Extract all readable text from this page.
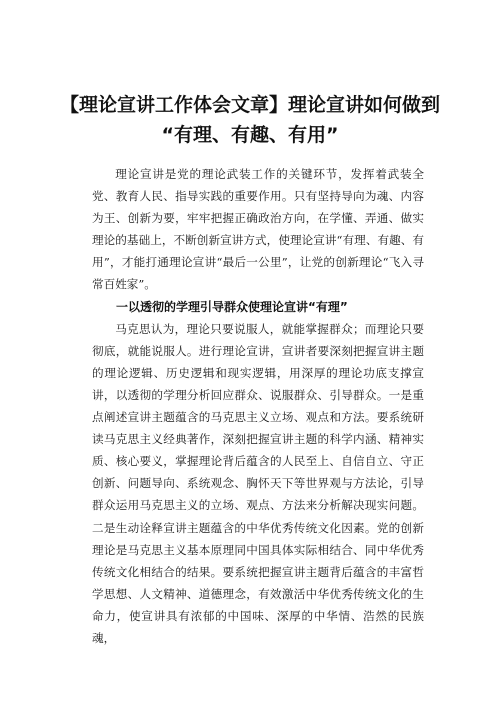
【理论宣讲工作体会文章】理论宣讲如何做到
“有理、有趣、有用”

理论宣讲是党的理论武装工作的关键环节，发挥着武装全党、教育人民、指导实践的重要作用。只有坚持导向为魂、内容为王、创新为要，牢牢把握正确政治方向，在学懂、弄通、做实理论的基础上，不断创新宣讲方式，使理论宣讲“有理、有趣、有用”，才能打通理论宣讲“最后一公里”，让党的创新理论“飞入寻常百姓家”。

一以透彻的学理引导群众使理论宣讲“有理”

马克思认为，理论只要说服人，就能掌握群众；而理论只要彻底，就能说服人。进行理论宣讲，宣讲者要深刻把握宣讲主题的理论逻辑、历史逻辑和现实逻辑，用深厚的理论功底支撑宣讲，以透彻的学理分析回应群众、说服群众、引导群众。一是重点阐述宣讲主题蕴含的马克思主义立场、观点和方法。要系统研读马克思主义经典著作，深刻把握宣讲主题的科学内涵、精神实质、核心要义，掌握理论背后蕴含的人民至上、自信自立、守正创新、问题导向、系统观念、胸怀天下等世界观与方法论，引导群众运用马克思主义的立场、观点、方法来分析解决现实问题。二是生动诠释宣讲主题蕴含的中华优秀传统文化因素。党的创新理论是马克思主义基本原理同中国具体实际相结合、同中华优秀传统文化相结合的结果。要系统把握宣讲主题背后蕴含的丰富哲学思想、人文精神、道德理念，有效激活中华优秀传统文化的生命力，使宣讲具有浓郁的中国味、深厚的中华情、浩然的民族魂，
